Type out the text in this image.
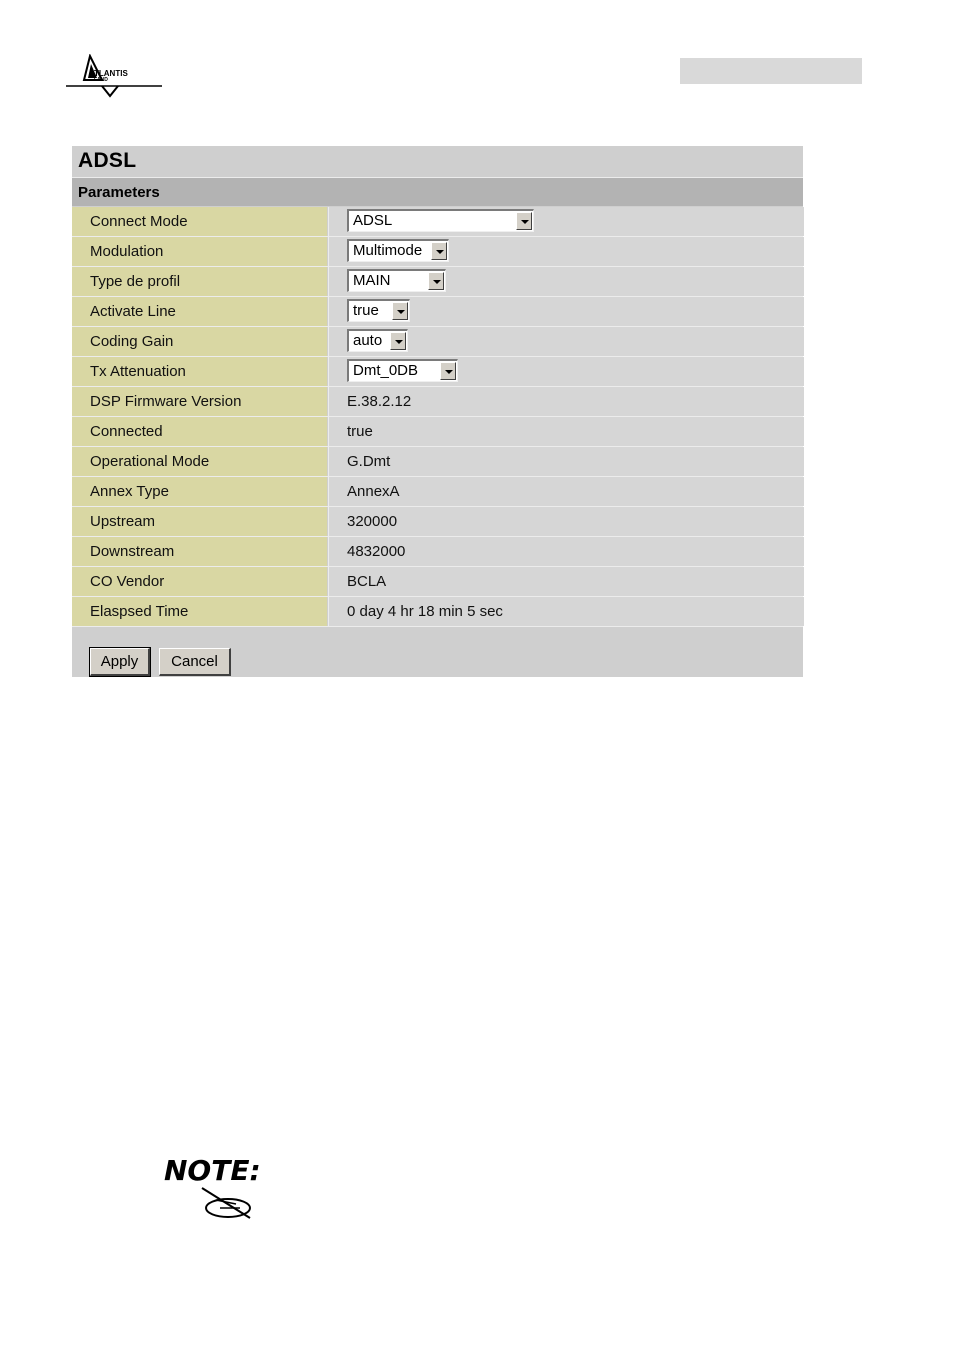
TLANTIS
LAND
ADSL
Parameters
Connect Mode	ADSL
Modulation	Multimode
Type de profil	MAIN
Activate Line	true
Coding Gain	auto
Tx Attenuation	Dmt_0DB
DSP Firmware Version	E.38.2.12
Connected	true
Operational Mode	G.Dmt
Annex Type	AnnexA
Upstream	320000
Downstream	4832000
CO Vendor	BCLA
Elaspsed Time	0 day 4 hr 18 min 5 sec
Apply	Cancel
NOTE:
